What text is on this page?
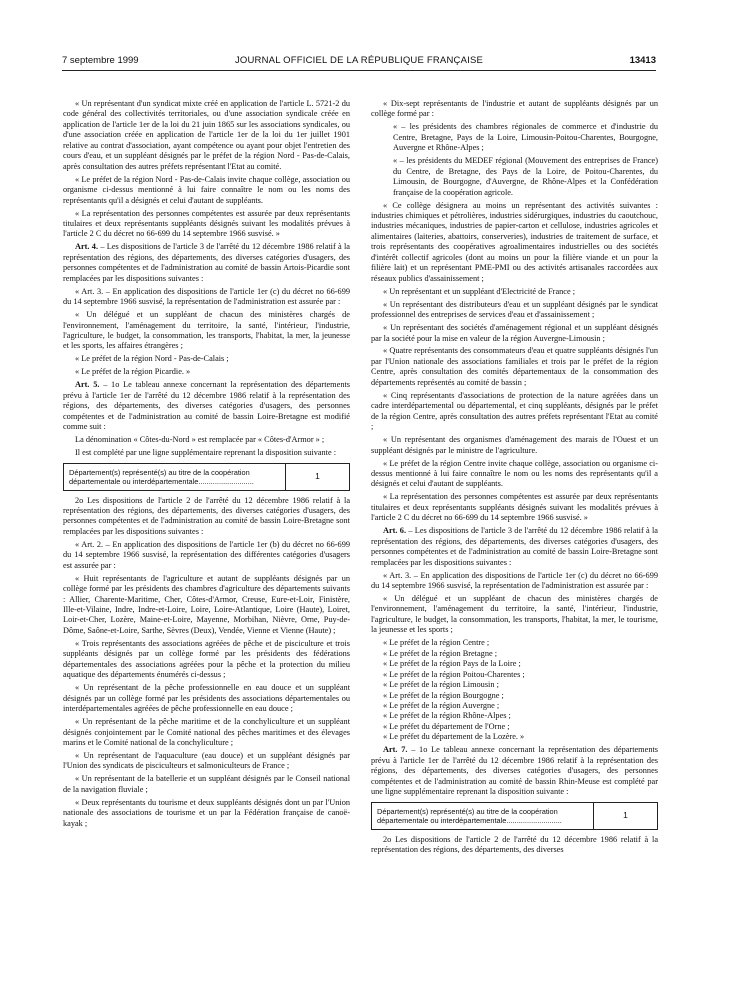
7 septembre 1999	JOURNAL OFFICIEL DE LA RÉPUBLIQUE FRANÇAISE	13413

« Un représentant d'un syndicat mixte créé en application de l'article L. 5721-2 du code général des collectivités territoriales, ou d'une association syndicale créée en application de l'article 1er de la loi du 21 juin 1865 sur les associations syndicales, ou d'une association créée en application de l'article 1er de la loi du 1er juillet 1901 relative au contrat d'association, ayant compétence ou ayant pour objet l'entretien des cours d'eau, et un suppléant désignés par le préfet de la région Nord - Pas-de-Calais, après consultation des autres préfets représentant l'Etat au comité.

« Le préfet de la région Nord - Pas-de-Calais invite chaque collège, association ou organisme ci-dessus mentionné à lui faire connaître le nom ou les noms des représentants qu'il a désignés et celui d'autant de suppléants.

« La représentation des personnes compétentes est assurée par deux représentants titulaires et deux représentants suppléants désignés suivant les modalités prévues à l'article 2 C du décret no 66-699 du 14 septembre 1966 susvisé. »

Art. 4. – Les dispositions de l'article 3 de l'arrêté du 12 décembre 1986 relatif à la représentation des régions, des départements, des diverses catégories d'usagers, des personnes compétentes et de l'administration au comité de bassin Artois-Picardie sont remplacées par les dispositions suivantes :

« Art. 3. – En application des dispositions de l'article 1er (c) du décret no 66-699 du 14 septembre 1966 susvisé, la représentation de l'administration est assurée par :

« Un délégué et un suppléant de chacun des ministères chargés de l'environnement, l'aménagement du territoire, la santé, l'intérieur, l'industrie, l'agriculture, le budget, la consommation, les transports, l'habitat, la mer, la jeunesse et les sports, les affaires étrangères ;

« Le préfet de la région Nord - Pas-de-Calais ;

« Le préfet de la région Picardie. »

Art. 5. – 1o Le tableau annexe concernant la représentation des départements prévu à l'article 1er de l'arrêté du 12 décembre 1986 relatif à la représentation des régions, des départements, des diverses catégories d'usagers, des personnes compétentes et de l'administration au comité de bassin Loire-Bretagne est modifié comme suit :

La dénomination « Côtes-du-Nord » est remplacée par « Côtes-d'Armor » ;

Il est complété par une ligne supplémentaire reprenant la disposition suivante :

Département(s) représenté(s) au titre de la coopération départementale ou interdépartementale...........................	1

2o Les dispositions de l'article 2 de l'arrêté du 12 décembre 1986 relatif à la représentation des régions, des départements, des diverses catégories d'usagers, des personnes compétentes et de l'administration au comité de bassin Loire-Bretagne sont remplacées par les dispositions suivantes :

« Art. 2. – En application des dispositions de l'article 1er (b) du décret no 66-699 du 14 septembre 1966 susvisé, la représentation des différentes catégories d'usagers est assurée par :

« Huit représentants de l'agriculture et autant de suppléants désignés par un collège formé par les présidents des chambres d'agriculture des départements suivants : Allier, Charente-Maritime, Cher, Côtes-d'Armor, Creuse, Eure-et-Loir, Finistère, Ille-et-Vilaine, Indre, Indre-et-Loire, Loire, Loire-Atlantique, Loire (Haute), Loiret, Loir-et-Cher, Lozère, Maine-et-Loire, Mayenne, Morbihan, Nièvre, Orne, Puy-de-Dôme, Saône-et-Loire, Sarthe, Sèvres (Deux), Vendée, Vienne et Vienne (Haute) ;

« Trois représentants des associations agréées de pêche et de pisciculture et trois suppléants désignés par un collège formé par les présidents des fédérations départementales des associations agréées pour la pêche et la protection du milieu aquatique des départements énumérés ci-dessus ;

« Un représentant de la pêche professionnelle en eau douce et un suppléant désignés par un collège formé par les présidents des associations départementales ou interdépartementales agréées de pêche professionnelle en eau douce ;

« Un représentant de la pêche maritime et de la conchyliculture et un suppléant désignés conjointement par le Comité national des pêches maritimes et des élevages marins et le Comité national de la conchyliculture ;

« Un représentant de l'aquaculture (eau douce) et un suppléant désignés par l'Union des syndicats de pisciculteurs et salmoniculteurs de France ;

« Un représentant de la batellerie et un suppléant désignés par le Conseil national de la navigation fluviale ;

« Deux représentants du tourisme et deux suppléants désignés dont un par l'Union nationale des associations de tourisme et un par la Fédération française de canoë-kayak ;

« Dix-sept représentants de l'industrie et autant de suppléants désignés par un collège formé par :

« – les présidents des chambres régionales de commerce et d'industrie du Centre, Bretagne, Pays de la Loire, Limousin-Poitou-Charentes, Bourgogne, Auvergne et Rhône-Alpes ;

« – les présidents du MEDEF régional (Mouvement des entreprises de France) du Centre, de Bretagne, des Pays de la Loire, de Poitou-Charentes, du Limousin, de Bourgogne, d'Auvergne, de Rhône-Alpes et la Confédération française de la coopération agricole.

« Ce collège désignera au moins un représentant des activités suivantes : industries chimiques et pétrolières, industries sidérurgiques, industries du caoutchouc, industries mécaniques, industries de papier-carton et cellulose, industries agricoles et alimentaires (laiteries, abattoirs, conserveries), industries de traitement de surface, et trois représentants des coopératives agroalimentaires industrielles ou des sociétés d'intérêt collectif agricoles (dont au moins un pour la filière viande et un pour la filière lait) et un représentant PME-PMI ou des activités artisanales raccordées aux réseaux publics d'assainissement ;

« Un représentant et un suppléant d'Electricité de France ;

« Un représentant des distributeurs d'eau et un suppléant désignés par le syndicat professionnel des entreprises de services d'eau et d'assainissement ;

« Un représentant des sociétés d'aménagement régional et un suppléant désignés par la société pour la mise en valeur de la région Auvergne-Limousin ;

« Quatre représentants des consommateurs d'eau et quatre suppléants désignés l'un par l'Union nationale des associations familiales et trois par le préfet de la région Centre, après consultation des comités départementaux de la consommation des départements représentés au comité de bassin ;

« Cinq représentants d'associations de protection de la nature agréées dans un cadre interdépartemental ou départemental, et cinq suppléants, désignés par le préfet de la région Centre, après consultation des autres préfets représentant l'Etat au comité ;

« Un représentant des organismes d'aménagement des marais de l'Ouest et un suppléant désignés par le ministre de l'agriculture.

« Le préfet de la région Centre invite chaque collège, association ou organisme ci-dessus mentionné à lui faire connaître le nom ou les noms des représentants qu'il a désignés et celui d'autant de suppléants.

« La représentation des personnes compétentes est assurée par deux représentants titulaires et deux représentants suppléants désignés suivant les modalités prévues à l'article 2 C du décret no 66-699 du 14 septembre 1966 susvisé. »

Art. 6. – Les dispositions de l'article 3 de l'arrêté du 12 décembre 1986 relatif à la représentation des régions, des départements, des diverses catégories d'usagers, des personnes compétentes et de l'administration au comité de bassin Loire-Bretagne sont remplacées par les dispositions suivantes :

« Art. 3. – En application des dispositions de l'article 1er (c) du décret no 66-699 du 14 septembre 1966 susvisé, la représentation de l'administration est assurée par :

« Un délégué et un suppléant de chacun des ministères chargés de l'environnement, l'aménagement du territoire, la santé, l'intérieur, l'industrie, l'agriculture, le budget, la consommation, les transports, l'habitat, la mer, le tourisme, la jeunesse et les sports ;

« Le préfet de la région Centre ;

« Le préfet de la région Bretagne ;

« Le préfet de la région Pays de la Loire ;

« Le préfet de la région Poitou-Charentes ;

« Le préfet de la région Limousin ;

« Le préfet de la région Bourgogne ;

« Le préfet de la région Auvergne ;

« Le préfet de la région Rhône-Alpes ;

« Le préfet du département de l'Orne ;

« Le préfet du département de la Lozère. »

Art. 7. – 1o Le tableau annexe concernant la représentation des départements prévu à l'article 1er de l'arrêté du 12 décembre 1986 relatif à la représentation des régions, des départements, des diverses catégories d'usagers, des personnes compétentes et de l'administration au comité de bassin Rhin-Meuse est complété par une ligne supplémentaire reprenant la disposition suivante :

Département(s) représenté(s) au titre de la coopération départementale ou interdépartementale...........................	1

2o Les dispositions de l'article 2 de l'arrêté du 12 décembre 1986 relatif à la représentation des régions, des départements, des diverses
